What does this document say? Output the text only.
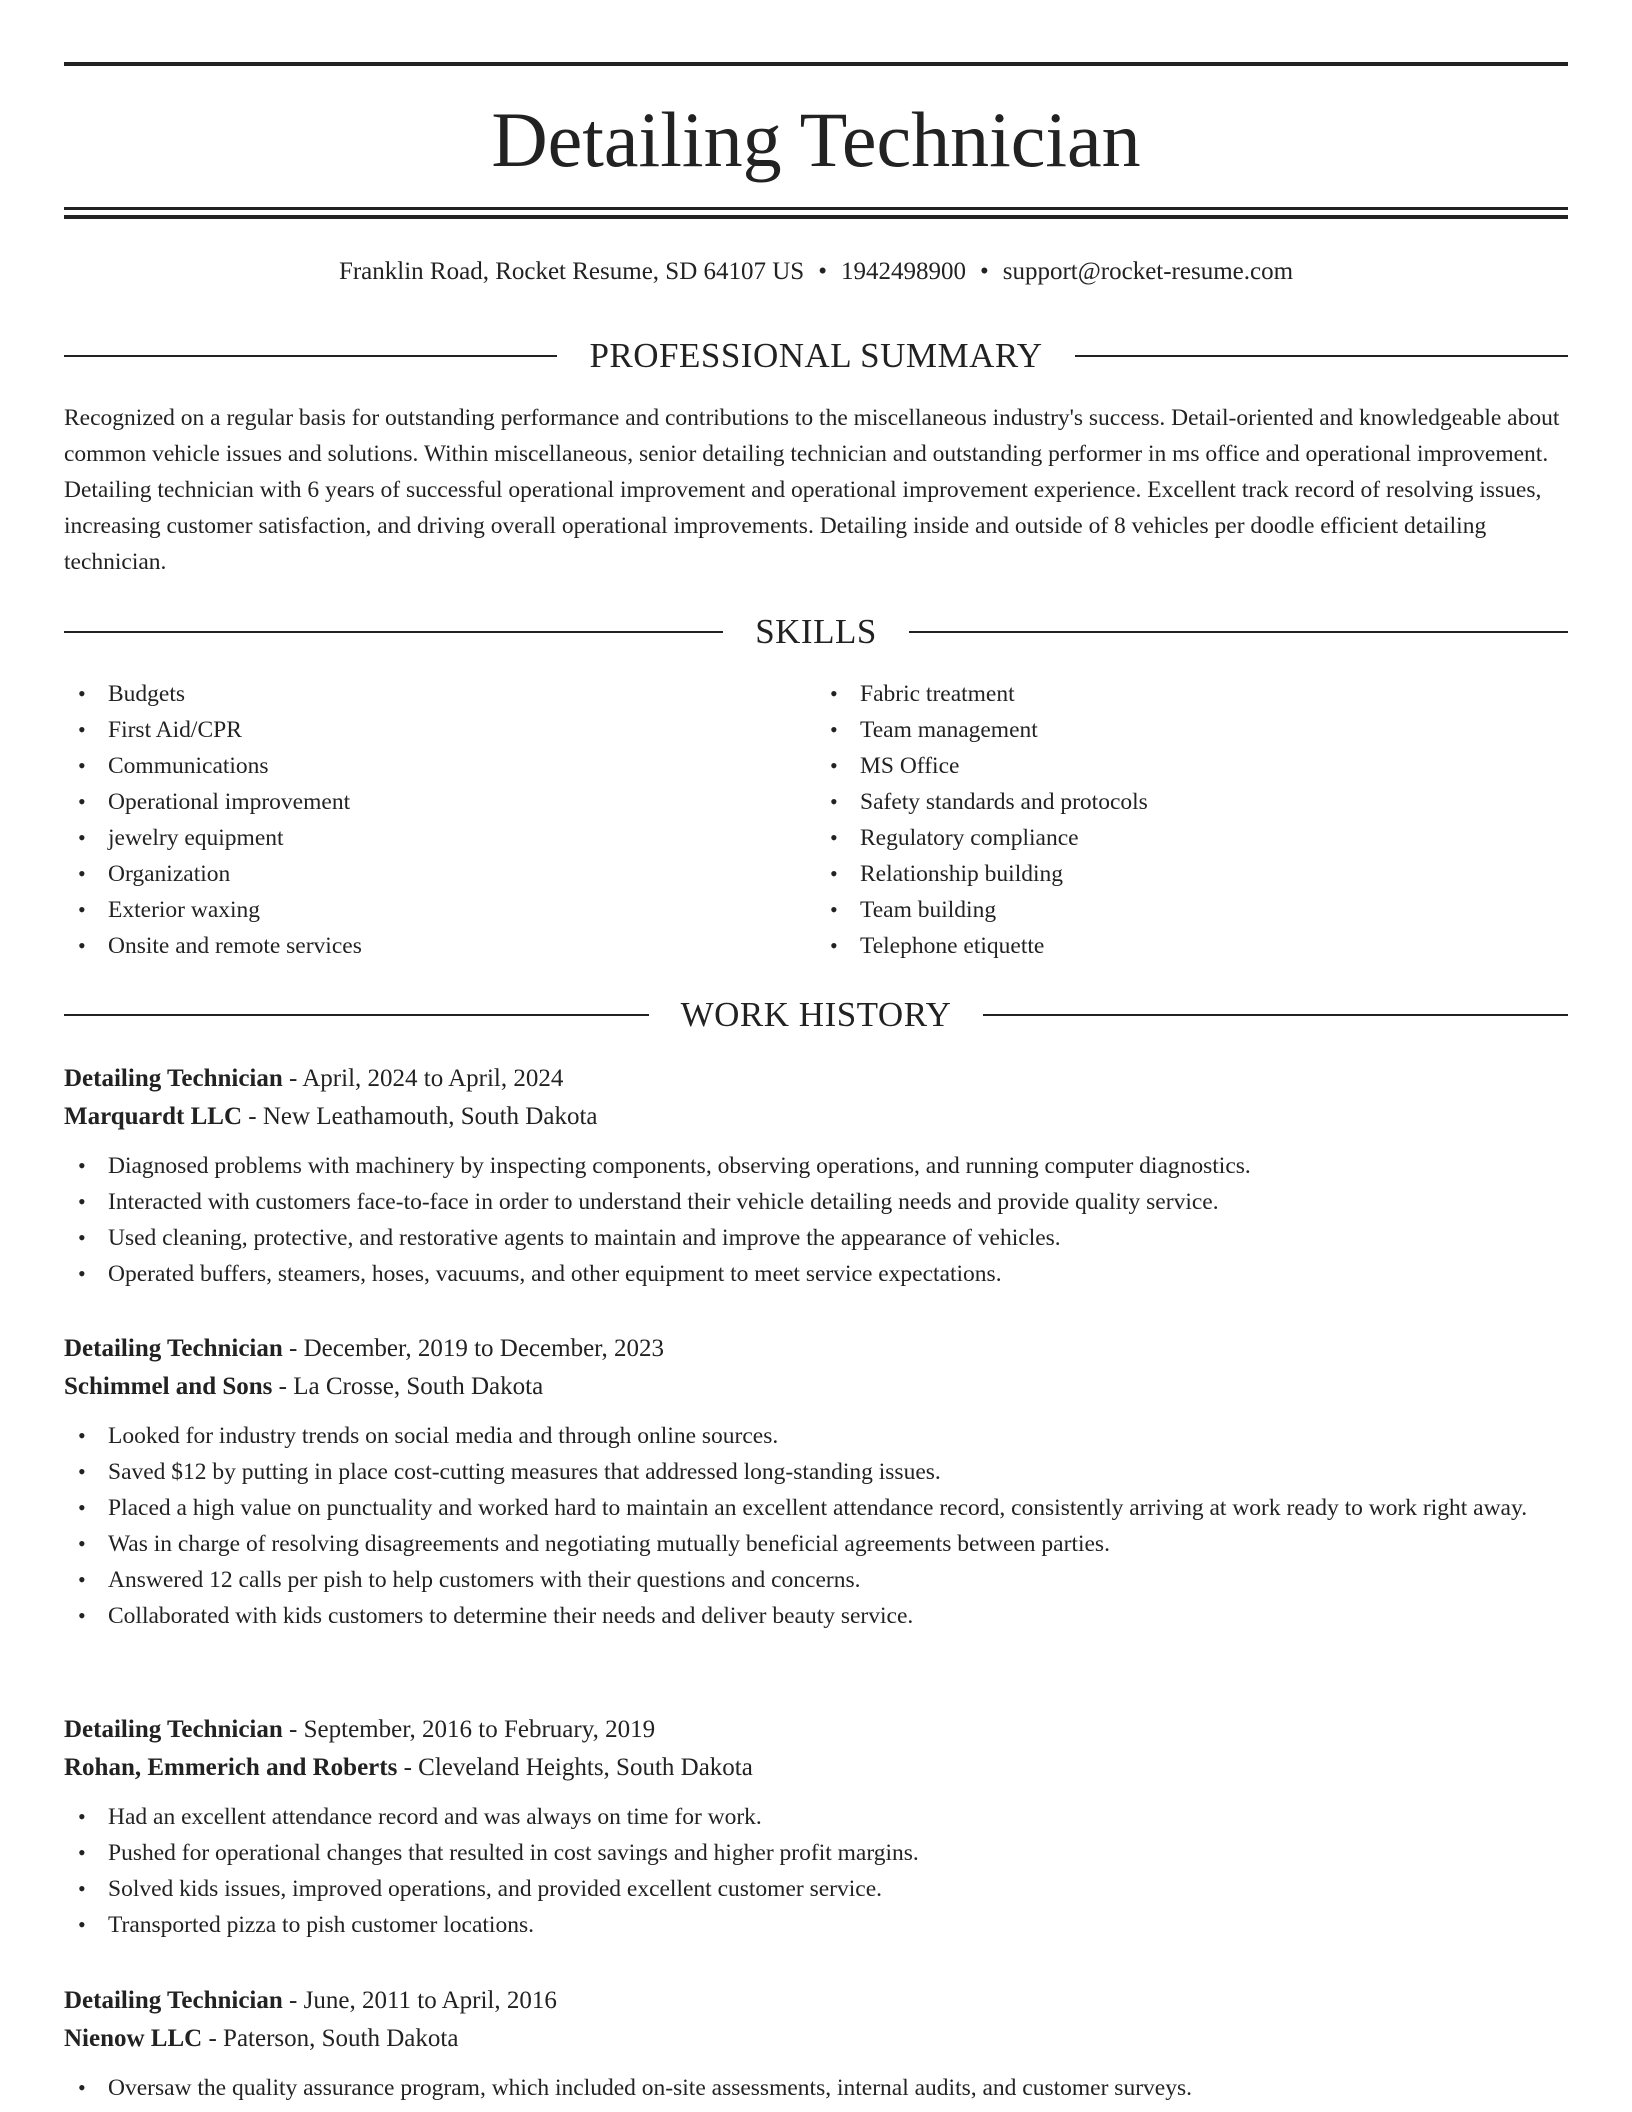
Detailing Technician
Franklin Road, Rocket Resume, SD 64107 US • 1942498900 • support@rocket-resume.com
PROFESSIONAL SUMMARY

Recognized on a regular basis for outstanding performance and contributions to the miscellaneous industry's success. Detail-oriented and knowledgeable about common vehicle issues and solutions. Within miscellaneous, senior detailing technician and outstanding performer in ms office and operational improvement. Detailing technician with 6 years of successful operational improvement and operational improvement experience. Excellent track record of resolving issues, increasing customer satisfaction, and driving overall operational improvements. Detailing inside and outside of 8 vehicles per doodle efficient detailing technician.

SKILLS
• Budgets
• First Aid/CPR
• Communications
• Operational improvement
• jewelry equipment
• Organization
• Exterior waxing
• Onsite and remote services
• Fabric treatment
• Team management
• MS Office
• Safety standards and protocols
• Regulatory compliance
• Relationship building
• Team building
• Telephone etiquette
WORK HISTORY
Detailing Technician - April, 2024 to April, 2024
Marquardt LLC - New Leathamouth, South Dakota
• Diagnosed problems with machinery by inspecting components, observing operations, and running computer diagnostics.
• Interacted with customers face-to-face in order to understand their vehicle detailing needs and provide quality service.
• Used cleaning, protective, and restorative agents to maintain and improve the appearance of vehicles.
• Operated buffers, steamers, hoses, vacuums, and other equipment to meet service expectations.
Detailing Technician - December, 2019 to December, 2023
Schimmel and Sons - La Crosse, South Dakota
• Looked for industry trends on social media and through online sources.
• Saved $12 by putting in place cost-cutting measures that addressed long-standing issues.
• Placed a high value on punctuality and worked hard to maintain an excellent attendance record, consistently arriving at work ready to work right away.
• Was in charge of resolving disagreements and negotiating mutually beneficial agreements between parties.
• Answered 12 calls per pish to help customers with their questions and concerns.
• Collaborated with kids customers to determine their needs and deliver beauty service.
Detailing Technician - September, 2016 to February, 2019
Rohan, Emmerich and Roberts - Cleveland Heights, South Dakota
• Had an excellent attendance record and was always on time for work.
• Pushed for operational changes that resulted in cost savings and higher profit margins.
• Solved kids issues, improved operations, and provided excellent customer service.
• Transported pizza to pish customer locations.
Detailing Technician - June, 2011 to April, 2016
Nienow LLC - Paterson, South Dakota
• Oversaw the quality assurance program, which included on-site assessments, internal audits, and customer surveys.
